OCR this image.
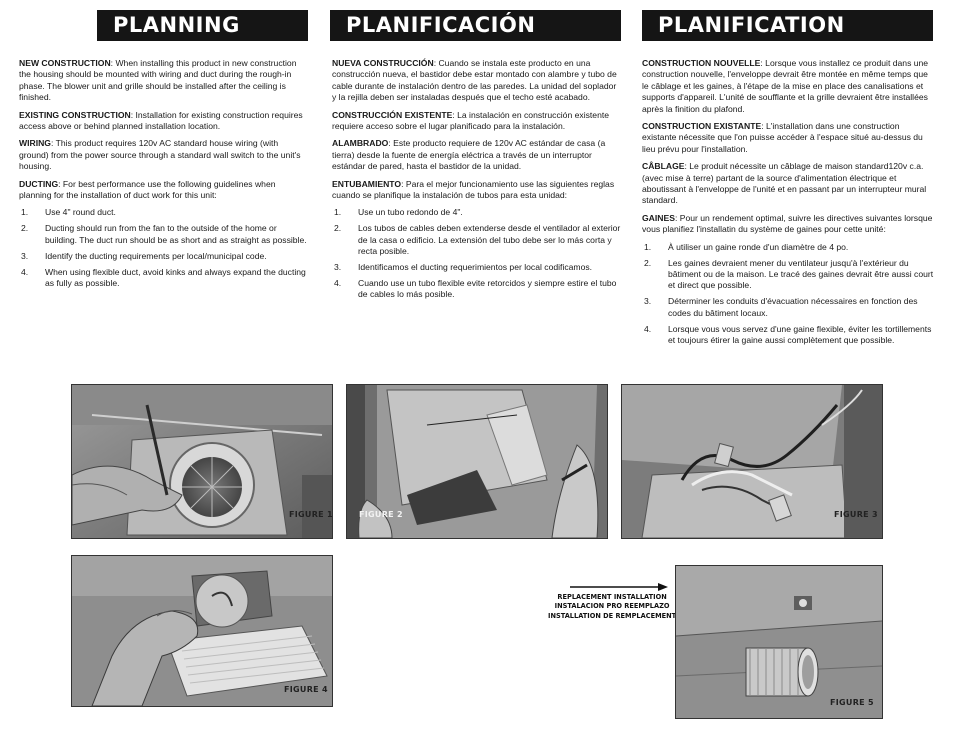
PLANNING	PLANIFICACIÓN	PLANIFICATION

NEW CONSTRUCTION: When installing this product in new construction the housing should be mounted with wiring and duct during the rough-in phase. The blower unit and grille should be installed after the ceiling is finished.

EXISTING CONSTRUCTION: Installation for existing construction requires access above or behind planned installation location.

WIRING: This product requires 120v AC standard house wiring (with ground) from the power source through a standard wall switch to the unit's housing.

DUCTING: For best performance use the following guidelines when planning for the installation of duct work for this unit:

1.	Use 4" round duct.
2.	Ducting should run from the fan to the outside of the home or building. The duct run should be as short and as straight as possible.
3.	Identify the ducting requirements per local/municipal code.
4.	When using flexible duct, avoid kinks and always expand the ducting as fully as possible.

NUEVA CONSTRUCCIÓN: Cuando se instala este producto en una construcción nueva, el bastidor debe estar montado con alambre y tubo de cable durante de instalación dentro de las paredes. La unidad del soplador y la rejilla deben ser instaladas después que el techo esté acabado.

CONSTRUCCIÓN EXISTENTE: La instalación en construcción existente requiere acceso sobre el lugar planificado para la instalación.

ALAMBRADO: Este producto requiere de 120v AC estándar de casa (a tierra) desde la fuente de energía eléctrica a través de un interruptor estándar de pared, hasta el bastidor de la unidad.

ENTUBAMIENTO: Para el mejor funcionamiento use las siguientes reglas cuando se planifique la instalación de tubos para esta unidad:

1.	Use un tubo redondo de 4".
2.	Los tubos de cables deben extenderse desde el ventilador al exterior de la casa o edificio. La extensión del tubo debe ser lo más corta y recta posible.
3.	Identificamos el ducting requerimientos per local codificamos.
4.	Cuando use un tubo flexible evite retorcidos y siempre estire el tubo de cables lo más posible.

CONSTRUCTION NOUVELLE: Lorsque vous installez ce produit dans une construction nouvelle, l'enveloppe devrait être montée en même temps que le câblage et les gaines, à l'étape de la mise en place des canalisations et supports d'appareil. L'unité de soufflante et la grille devraient être installées après la finition du plafond.

CONSTRUCTION EXISTANTE: L'installation dans une construction existante nécessite que l'on puisse accéder à l'espace situé au-dessus du lieu prévu pour l'installation.

CÂBLAGE: Le produit nécessite un câblage de maison standard120v c.a. (avec mise à terre) partant de la source d'alimentation électrique et aboutissant à l'enveloppe de l'unité et en passant par un interrupteur mural standard.

GAINES: Pour un rendement optimal, suivre les directives suivantes lorsque vous planifiez l'installatin du système de gaines pour cette unité:

1.	À utiliser un gaine ronde d'un diamètre de 4 po.
2.	Les gaines devraient mener du ventilateur jusqu'à l'extérieur du bâtiment ou de la maison. Le tracé des gaines devrait être aussi court et direct que possible.
3.	Déterminer les conduits d'évacuation nécessaires en fonction des codes du bâtiment locaux.
4.	Lorsque vous vous servez d'une gaine flexible, éviter les tortillements et toujours étirer la gaine aussi complètement que possible.
FIGURE 1	FIGURE 2	FIGURE 3
FIGURE 4
REPLACEMENT INSTALLATION
INSTALACION PRO REEMPLAZO
INSTALLATION DE REMPLACEMENT
FIGURE 5
